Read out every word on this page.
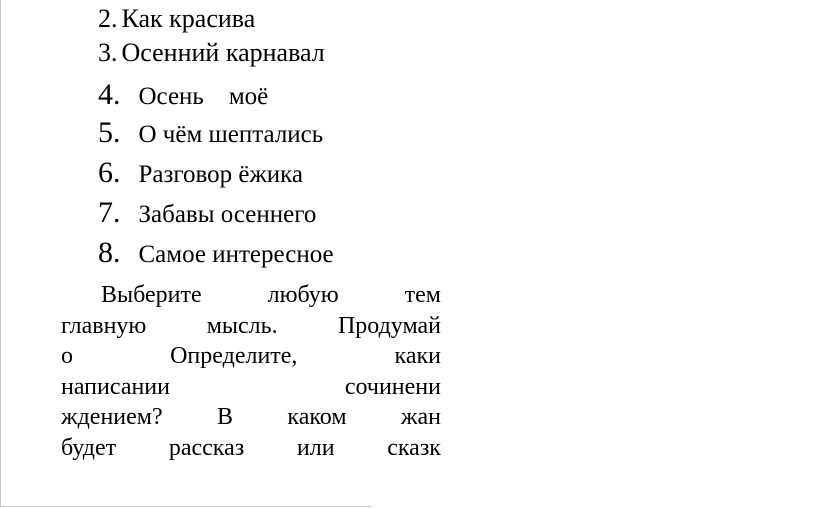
2. Как красива
3. Осенний карнавал
4. Осень    моё
5. О чём шептались
6. Разговор ёжика
7. Забавы осеннего
8. Самое интересное
Выберите	любую	тем
главную	мысль.	Продумай
о	Определите,	каки
написании	сочинени
ждением? В каком жан
будет рассказ или сказк
